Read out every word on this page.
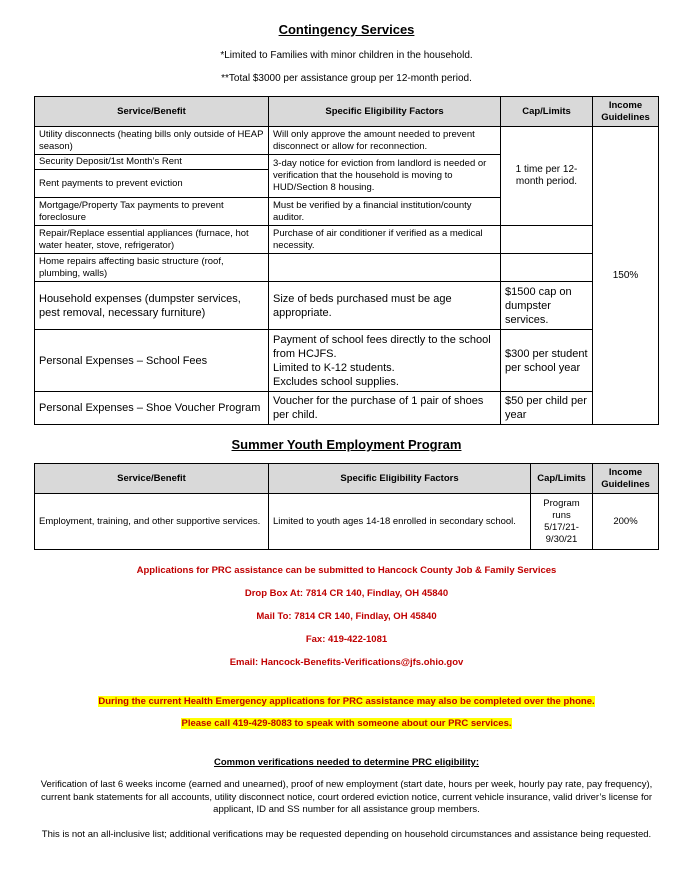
Contingency Services
*Limited to Families with minor children in the household.
**Total $3000 per assistance group per 12-month period.
Service/Benefit	Specific Eligibility Factors	Cap/Limits	Income Guidelines
Utility disconnects (heating bills only outside of HEAP season)	Will only approve the amount needed to prevent disconnect or allow for reconnection.	1 time per 12-month period.	150%
Security Deposit/1st Month’s Rent	3-day notice for eviction from landlord is needed or verification that the household is moving to HUD/Section 8 housing.		
Rent payments to prevent eviction			
Mortgage/Property Tax payments to prevent foreclosure	Must be verified by a financial institution/county auditor.		
Repair/Replace essential appliances (furnace, hot water heater, stove, refrigerator)	Purchase of air conditioner if verified as a medical necessity.		
Home repairs affecting basic structure (roof, plumbing, walls)			
Household expenses (dumpster services, pest removal, necessary furniture)	Size of beds purchased must be age appropriate.	$1500 cap on dumpster services.	
Personal Expenses – School Fees	Payment of school fees directly to the school from HCJFS.
Limited to K-12 students.
Excludes school supplies.	$300 per student per school year	
Personal Expenses – Shoe Voucher Program	Voucher for the purchase of 1 pair of shoes per child.	$50 per child per year	
Summer Youth Employment Program
Service/Benefit	Specific Eligibility Factors	Cap/Limits	Income Guidelines
Employment, training, and other supportive services.	Limited to youth ages 14-18 enrolled in secondary school.	Program runs 5/17/21-9/30/21	200%
Applications for PRC assistance can be submitted to Hancock County Job & Family Services
Drop Box At: 7814 CR 140, Findlay, OH 45840
Mail To: 7814 CR 140, Findlay, OH 45840
Fax: 419-422-1081
Email: Hancock-Benefits-Verifications@jfs.ohio.gov
During the current Health Emergency applications for PRC assistance may also be completed over the phone.
Please call 419-429-8083 to speak with someone about our PRC services.
Common verifications needed to determine PRC eligibility:
Verification of last 6 weeks income (earned and unearned), proof of new employment (start date, hours per week, hourly pay rate, pay frequency), current bank statements for all accounts, utility disconnect notice, court ordered eviction notice, current vehicle insurance, valid driver’s license for applicant, ID and SS number for all assistance group members.
This is not an all-inclusive list; additional verifications may be requested depending on household circumstances and assistance being requested.
